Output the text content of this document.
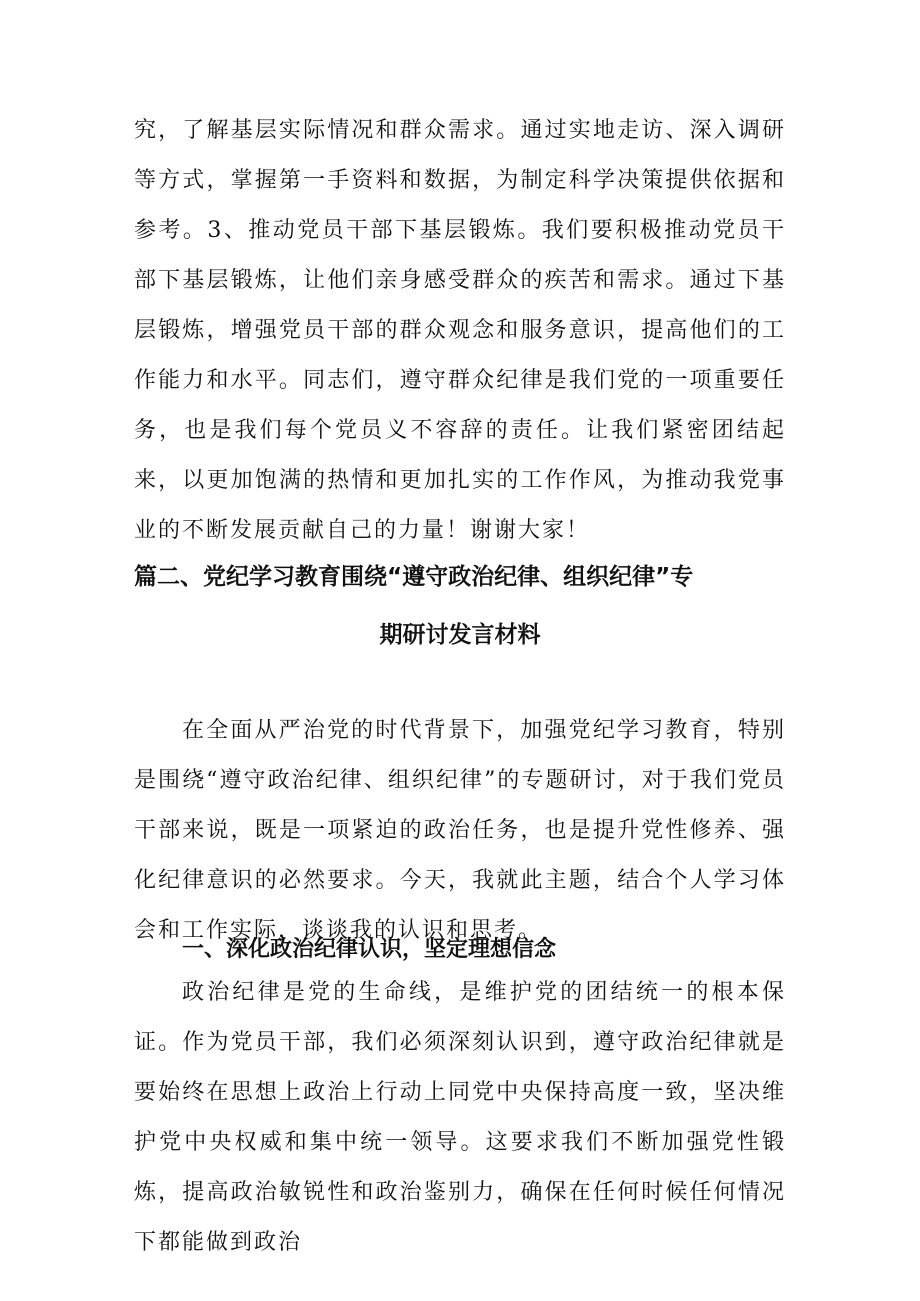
究，了解基层实际情况和群众需求。通过实地走访、深入调研等方式，掌握第一手资料和数据，为制定科学决策提供依据和参考。3、推动党员干部下基层锻炼。我们要积极推动党员干部下基层锻炼，让他们亲身感受群众的疾苦和需求。通过下基层锻炼，增强党员干部的群众观念和服务意识，提高他们的工作能力和水平。同志们，遵守群众纪律是我们党的一项重要任务，也是我们每个党员义不容辞的责任。让我们紧密团结起来，以更加饱满的热情和更加扎实的工作作风，为推动我党事业的不断发展贡献自己的力量！谢谢大家！

篇二、党纪学习教育围绕“遵守政治纪律、组织纪律”专
期研讨发言材料

在全面从严治党的时代背景下，加强党纪学习教育，特别是围绕“遵守政治纪律、组织纪律”的专题研讨，对于我们党员干部来说，既是一项紧迫的政治任务，也是提升党性修养、强化纪律意识的必然要求。今天，我就此主题，结合个人学习体会和工作实际，谈谈我的认识和思考。

一、深化政治纪律认识，坚定理想信念

政治纪律是党的生命线，是维护党的团结统一的根本保证。作为党员干部，我们必须深刻认识到，遵守政治纪律就是要始终在思想上政治上行动上同党中央保持高度一致，坚决维护党中央权威和集中统一领导。这要求我们不断加强党性锻炼，提高政治敏锐性和政治鉴别力，确保在任何时候任何情况下都能做到政治
